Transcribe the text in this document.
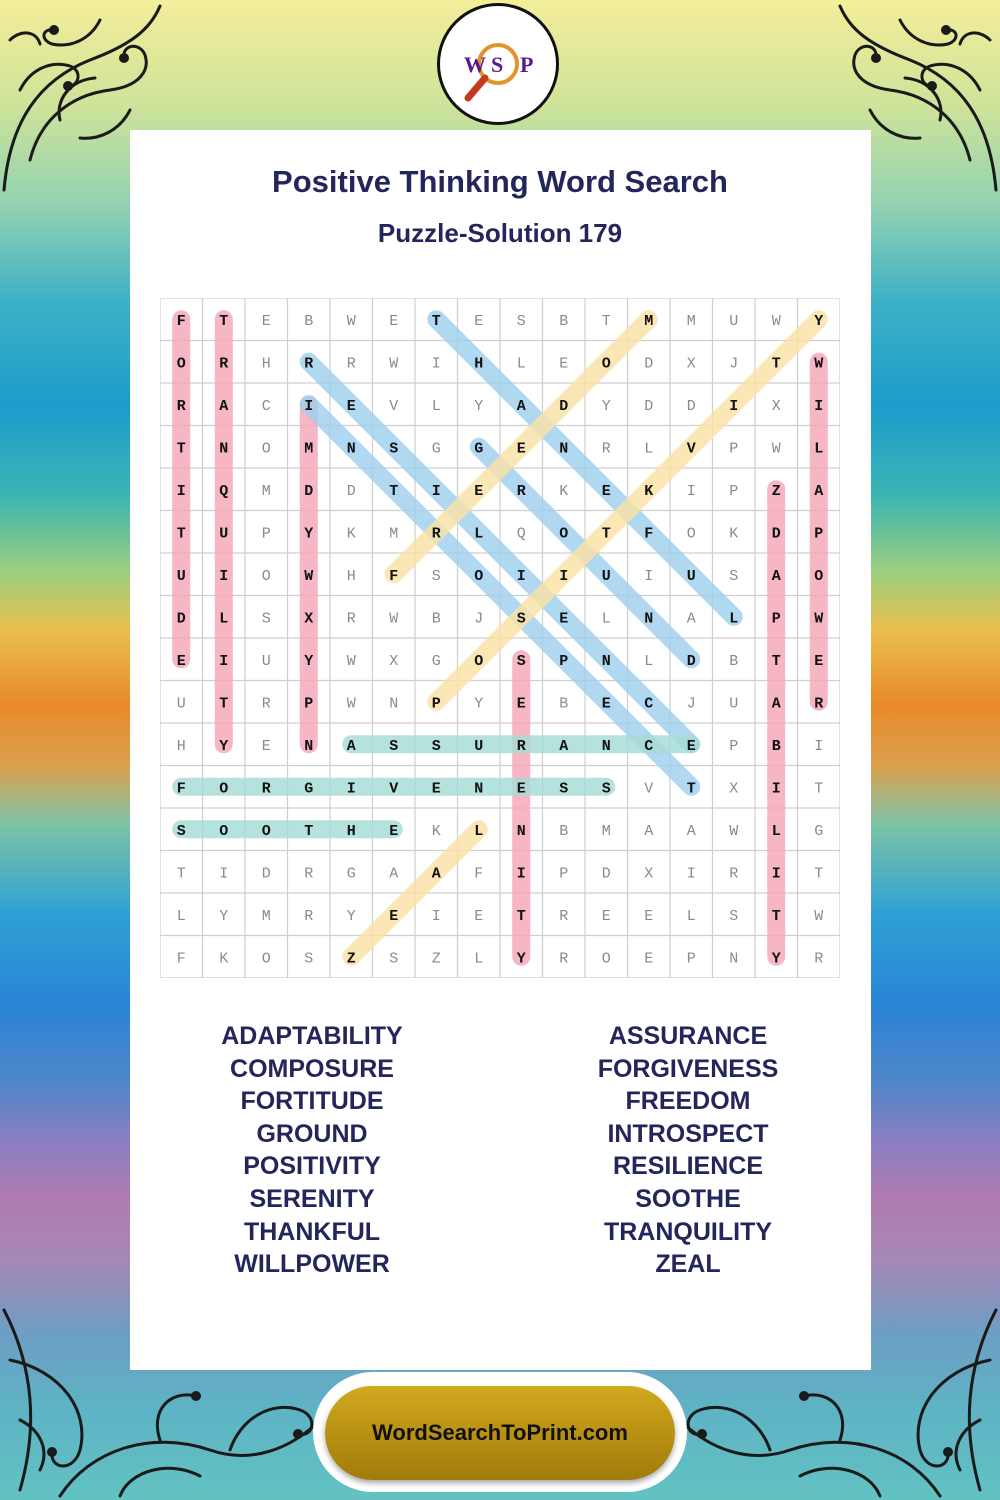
W S P
Positive Thinking Word Search
Puzzle-Solution 179
F T E B W E T E S B T M M U W Y
O R H R R W I H L E O D X J T W
R A C I E V L Y A D Y D D I X I
T N O M N S G G E N R L V P W L
I Q M D D T I E R K E K I P Z A
T U P Y K M R L Q O T F O K D P
U I O W H F S O I I U I U S A O
D L S X R W B J S E L N A L P W
E I U Y W X G O S P N L D B T E
U T R P W N P Y E B E C J U A R
H Y E N A S S U R A N C E P B I
F O R G I V E N E S S V T X I T
S O O T H E K L N B M A A W L G
T I D R G A A F I P D X I R I T
L Y M R Y E I E T R E E L S T W
F K O S Z S Z L Y R O E P N Y R
ADAPTABILITY
COMPOSURE
FORTITUDE
GROUND
POSITIVITY
SERENITY
THANKFUL
WILLPOWER
ASSURANCE
FORGIVENESS
FREEDOM
INTROSPECT
RESILIENCE
SOOTHE
TRANQUILITY
ZEAL
WordSearchToPrint.com
